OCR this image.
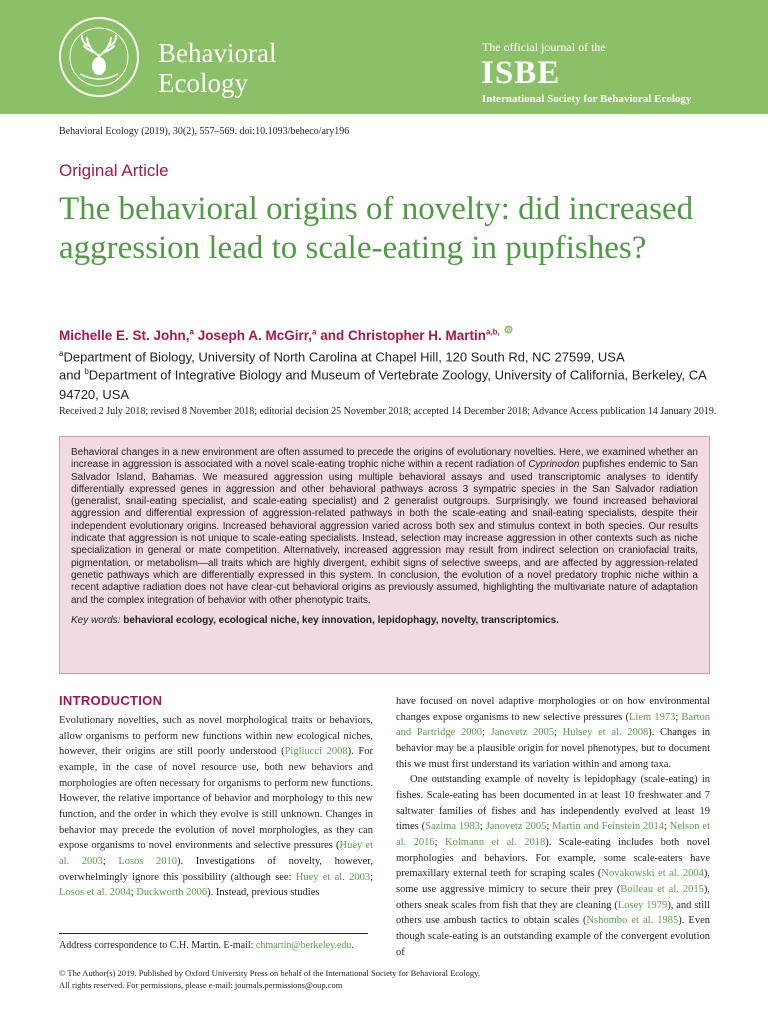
Behavioral
Ecology
The official journal of the
ISBE
International Society for Behavioral Ecology
Behavioral Ecology (2019), 30(2), 557–569. doi:10.1093/beheco/ary196
Original Article
The behavioral origins of novelty: did increased aggression lead to scale-eating in pupfishes?
Michelle E. St. John,$^a$ Joseph A. McGirr,$^a$ and Christopher H. Martin$^{a,b,}$ iD
$^a$Department of Biology, University of North Carolina at Chapel Hill, 120 South Rd, NC 27599, USA
and $^b$Department of Integrative Biology and Museum of Vertebrate Zoology, University of California, Berkeley, CA 94720, USA
Received 2 July 2018; revised 8 November 2018; editorial decision 25 November 2018; accepted 14 December 2018; Advance Access publication 14 January 2019.
Behavioral changes in a new environment are often assumed to precede the origins of evolutionary novelties. Here, we examined whether an increase in aggression is associated with a novel scale-eating trophic niche within a recent radiation of Cyprinodon pupfishes endemic to San Salvador Island, Bahamas. We measured aggression using multiple behavioral assays and used transcriptomic analyses to identify differentially expressed genes in aggression and other behavioral pathways across 3 sympatric species in the San Salvador radiation (generalist, snail-eating specialist, and scale-eating specialist) and 2 generalist outgroups. Surprisingly, we found increased behavioral aggression and differential expression of aggression-related pathways in both the scale-eating and snail-eating specialists, despite their independent evolutionary origins. Increased behavioral aggression varied across both sex and stimulus context in both species. Our results indicate that aggression is not unique to scale-eating specialists. Instead, selection may increase aggression in other contexts such as niche specialization in general or mate competition. Alternatively, increased aggression may result from indirect selection on craniofacial traits, pigmentation, or metabolism—all traits which are highly divergent, exhibit signs of selective sweeps, and are affected by aggression-related genetic pathways which are differentially expressed in this system. In conclusion, the evolution of a novel predatory trophic niche within a recent adaptive radiation does not have clear-cut behavioral origins as previously assumed, highlighting the multivariate nature of adaptation and the complex integration of behavior with other phenotypic traits.
Key words: behavioral ecology, ecological niche, key innovation, lepidophagy, novelty, transcriptomics.
INTRODUCTION

Evolutionary novelties, such as novel morphological traits or behaviors, allow organisms to perform new functions within new ecological niches, however, their origins are still poorly understood (Pigliucci 2008). For example, in the case of novel resource use, both new behaviors and morphologies are often necessary for organisms to perform new functions. However, the relative importance of behavior and morphology to this new function, and the order in which they evolve is still unknown. Changes in behavior may precede the evolution of novel morphologies, as they can expose organisms to novel environments and selective pressures (Huey et al. 2003; Losos 2010). Investigations of novelty, however, overwhelmingly ignore this possibility (although see: Huey et al. 2003; Losos et al. 2004; Duckworth 2006). Instead, previous studies

have focused on novel adaptive morphologies or on how environmental changes expose organisms to new selective pressures (Liem 1973; Barton and Partridge 2000; Janovetz 2005; Hulsey et al. 2008). Changes in behavior may be a plausible origin for novel phenotypes, but to document this we must first understand its variation within and among taxa.

One outstanding example of novelty is lepidophagy (scale-eating) in fishes. Scale-eating has been documented in at least 10 freshwater and 7 saltwater families of fishes and has independently evolved at least 19 times (Sazima 1983; Janovetz 2005; Martin and Feinstein 2014; Nelson et al. 2016; Kolmann et al. 2018). Scale-eating includes both novel morphologies and behaviors. For example, some scale-eaters have premaxillary external teeth for scraping scales (Novakowski et al. 2004), some use aggressive mimicry to secure their prey (Boileau et al. 2015), others sneak scales from fish that they are cleaning (Losey 1979), and still others use ambush tactics to obtain scales (Nshombo et al. 1985). Even though scale-eating is an outstanding example of the convergent evolution of

Address correspondence to C.H. Martin. E-mail: chmartin@berkeley.edu.
© The Author(s) 2019. Published by Oxford University Press on behalf of the International Society for Behavioral Ecology.
All rights reserved. For permissions, please e-mail: journals.permissions@oup.com
